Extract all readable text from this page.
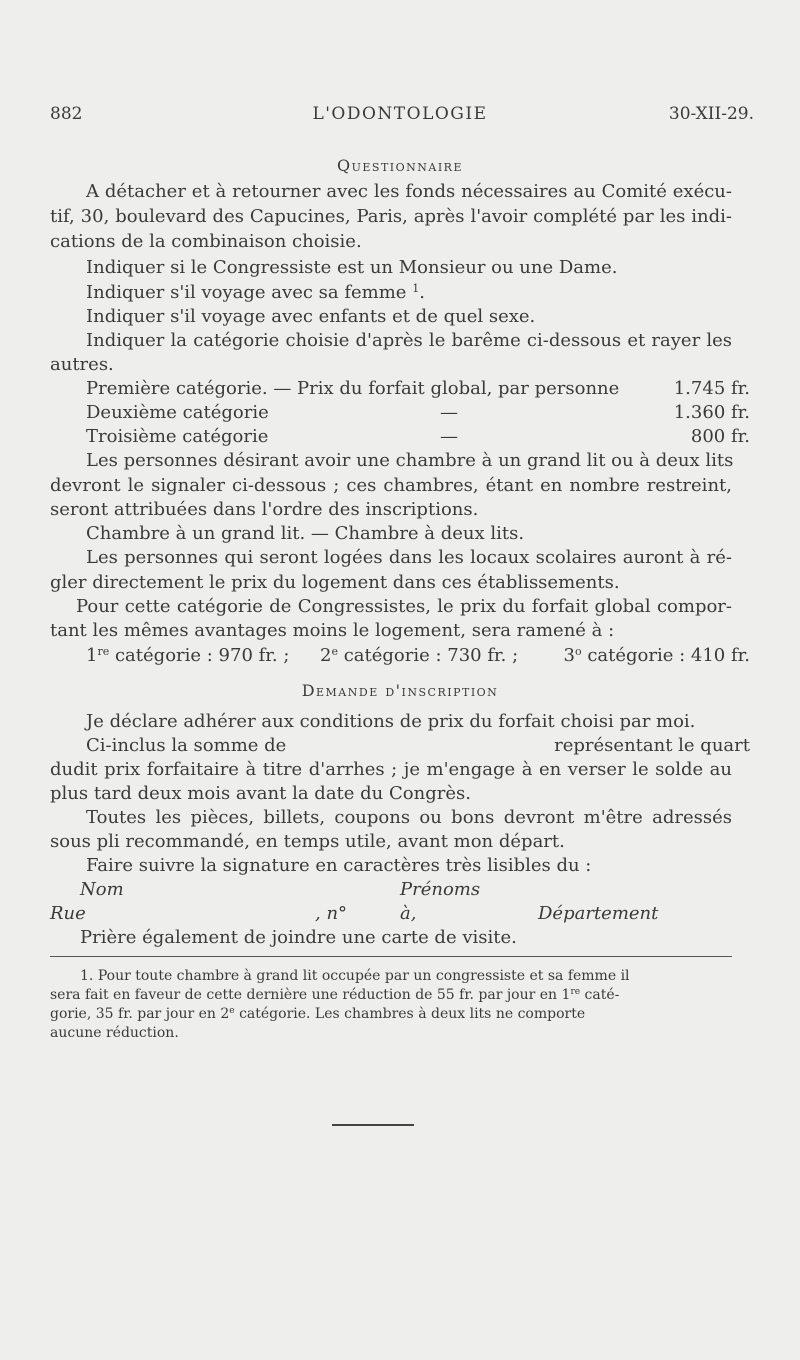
882	L'ODONTOLOGIE	30-XII-29.
Questionnaire
A détacher et à retourner avec les fonds nécessaires au Comité exécu-
tif, 30, boulevard des Capucines, Paris, après l'avoir complété par les indi-
cations de la combinaison choisie.
Indiquer si le Congressiste est un Monsieur ou une Dame.
Indiquer s'il voyage avec sa femme $^1$.
Indiquer s'il voyage avec enfants et de quel sexe.
Indiquer la catégorie choisie d'après le barême ci-dessous et rayer les
autres.
Première catégorie. — Prix du forfait global, par personne	1.745 fr.
Deuxième catégorie	—	1.360 fr.
Troisième catégorie	—	800 fr.
Les personnes désirant avoir une chambre à un grand lit ou à deux lits
devront le signaler ci-dessous ; ces chambres, étant en nombre restreint,
seront attribuées dans l'ordre des inscriptions.
Chambre à un grand lit. — Chambre à deux lits.
Les personnes qui seront logées dans les locaux scolaires auront à ré-
gler directement le prix du logement dans ces établissements.
Pour cette catégorie de Congressistes, le prix du forfait global compor-
tant les mêmes avantages moins le logement, sera ramené à :
1re catégorie : 970 fr. ; 2e catégorie : 730 fr. ;	3$^o$ catégorie : 410 fr.
Demande d'inscription
Je déclare adhérer aux conditions de prix du forfait choisi par moi.
Ci-inclus la somme de	représentant le quart
dudit prix forfaitaire à titre d'arrhes ; je m'engage à en verser le solde au
plus tard deux mois avant la date du Congrès.
Toutes les pièces, billets, coupons ou bons devront m'être adressés
sous pli recommandé, en temps utile, avant mon départ.
Faire suivre la signature en caractères très lisibles du :
Nom	Prénoms
Rue	, n°	à,	Département
Prière également de joindre une carte de visite.
1. Pour toute chambre à grand lit occupée par un congressiste et sa femme il
sera fait en faveur de cette dernière une réduction de 55 fr. par jour en 1re caté-
gorie, 35 fr. par jour en 2e catégorie. Les chambres à deux lits ne comporte
aucune réduction.
